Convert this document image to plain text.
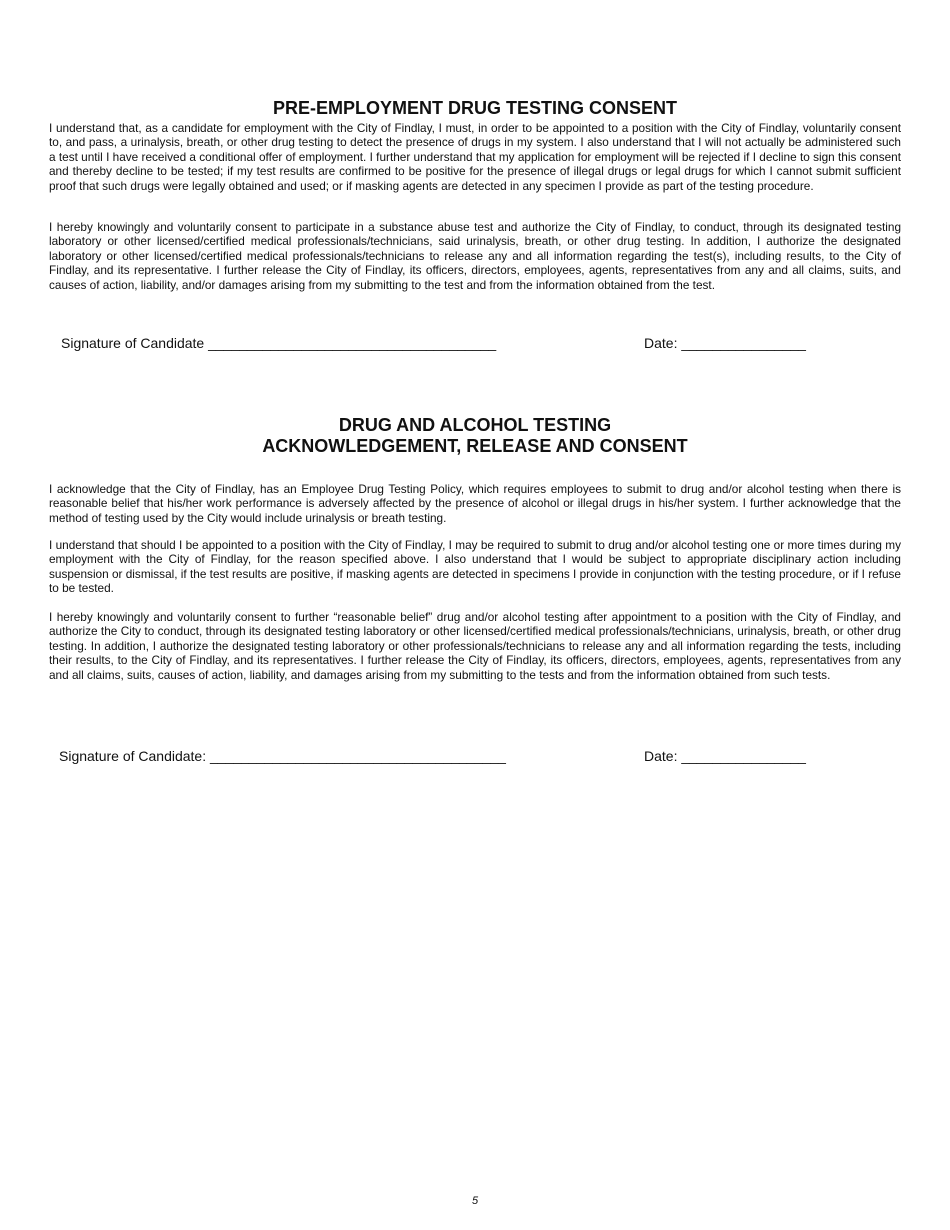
PRE-EMPLOYMENT DRUG TESTING CONSENT

I understand that, as a candidate for employment with the City of Findlay, I must, in order to be appointed to a position with the City of Findlay, voluntarily consent to, and pass, a urinalysis, breath, or other drug testing to detect the presence of drugs in my system. I also understand that I will not actually be administered such a test until I have received a conditional offer of employment. I further understand that my application for employment will be rejected if I decline to sign this consent and thereby decline to be tested; if my test results are confirmed to be positive for the presence of illegal drugs or legal drugs for which I cannot submit sufficient proof that such drugs were legally obtained and used; or if masking agents are detected in any specimen I provide as part of the testing procedure.

I hereby knowingly and voluntarily consent to participate in a substance abuse test and authorize the City of Findlay, to conduct, through its designated testing laboratory or other licensed/certified medical professionals/technicians, said urinalysis, breath, or other drug testing. In addition, I authorize the designated laboratory or other licensed/certified medical professionals/technicians to release any and all information regarding the test(s), including results, to the City of Findlay, and its representative. I further release the City of Findlay, its officers, directors, employees, agents, representatives from any and all claims, suits, and causes of action, liability, and/or damages arising from my submitting to the test and from the information obtained from the test.

Signature of Candidate _____________________________________	Date: ________________
DRUG AND ALCOHOL TESTING
ACKNOWLEDGEMENT, RELEASE AND CONSENT

I acknowledge that the City of Findlay, has an Employee Drug Testing Policy, which requires employees to submit to drug and/or alcohol testing when there is reasonable belief that his/her work performance is adversely affected by the presence of alcohol or illegal drugs in his/her system. I further acknowledge that the method of testing used by the City would include urinalysis or breath testing.

I understand that should I be appointed to a position with the City of Findlay, I may be required to submit to drug and/or alcohol testing one or more times during my employment with the City of Findlay, for the reason specified above. I also understand that I would be subject to appropriate disciplinary action including suspension or dismissal, if the test results are positive, if masking agents are detected in specimens I provide in conjunction with the testing procedure, or if I refuse to be tested.

I hereby knowingly and voluntarily consent to further “reasonable belief” drug and/or alcohol testing after appointment to a position with the City of Findlay, and authorize the City to conduct, through its designated testing laboratory or other licensed/certified medical professionals/technicians, urinalysis, breath, or other drug testing. In addition, I authorize the designated testing laboratory or other professionals/technicians to release any and all information regarding the tests, including their results, to the City of Findlay, and its representatives. I further release the City of Findlay, its officers, directors, employees, agents, representatives from any and all claims, suits, causes of action, liability, and damages arising from my submitting to the tests and from the information obtained from such tests.

Signature of Candidate: ______________________________________	Date: ________________
5
